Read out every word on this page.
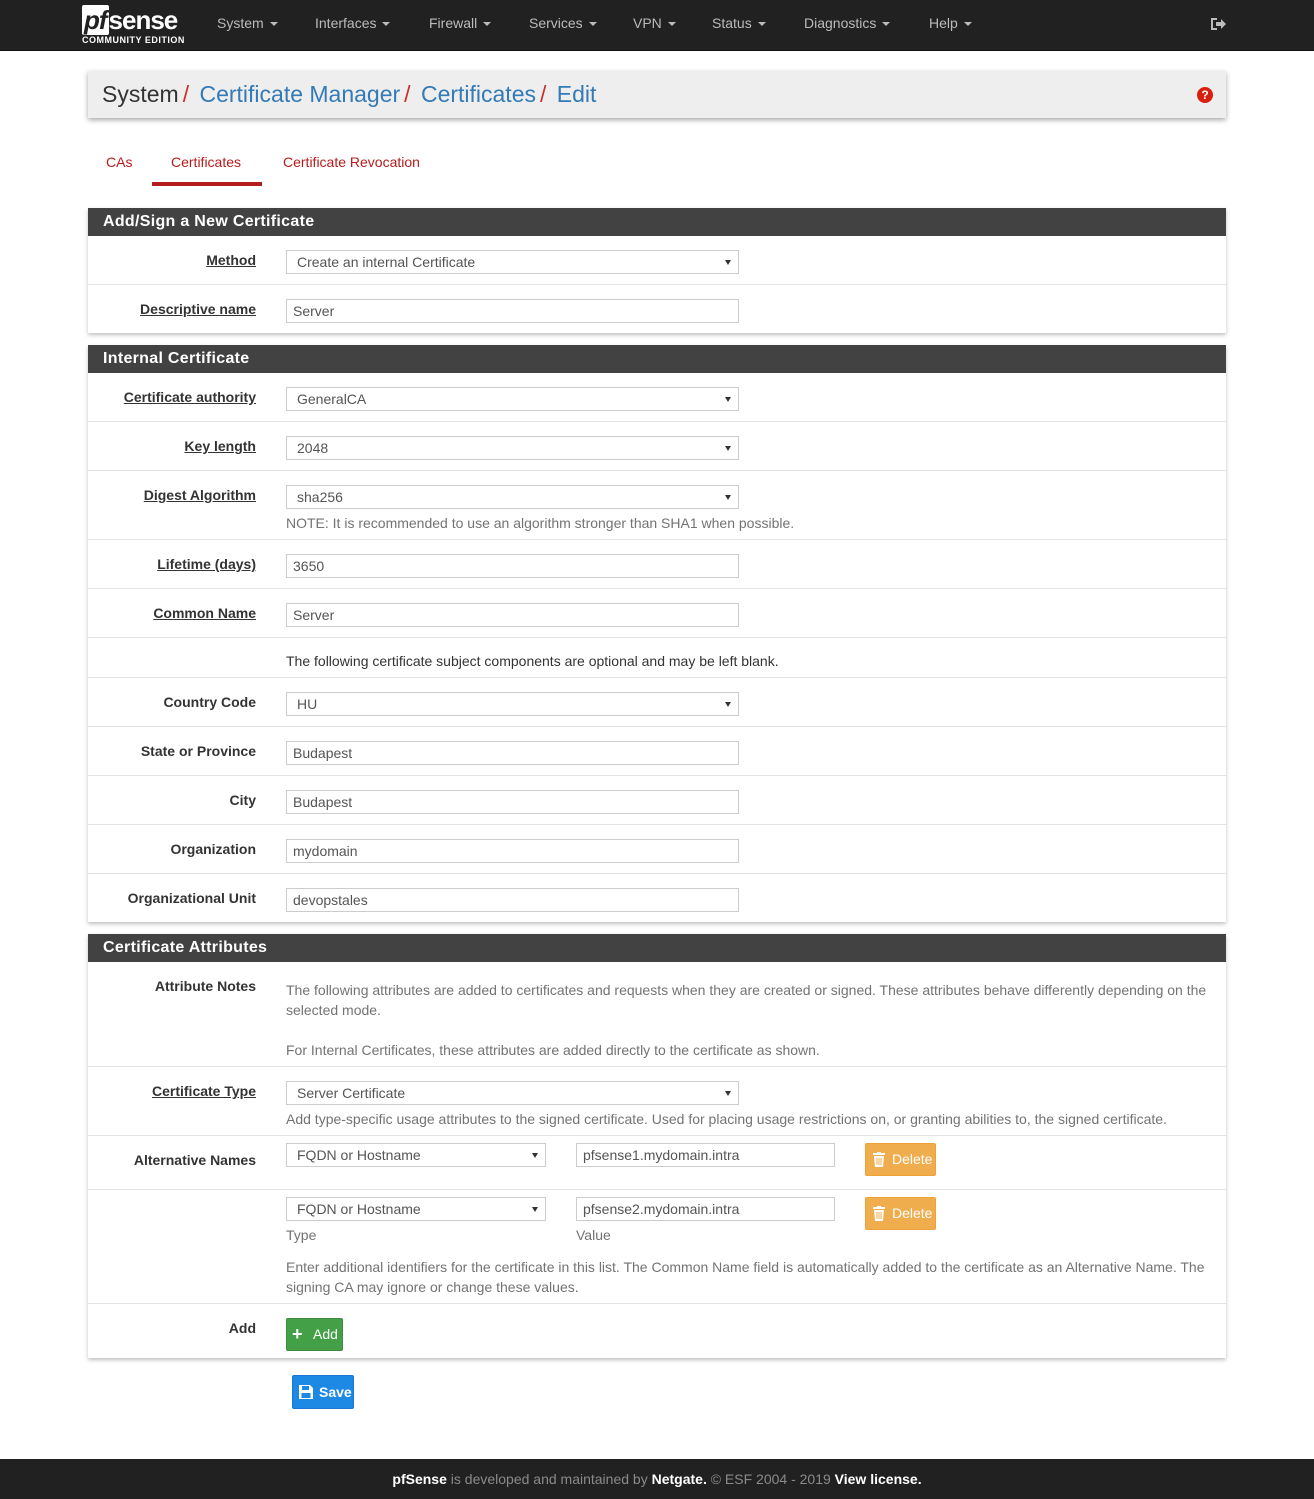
pfsense
COMMUNITY EDITION
System	Interfaces	Firewall	Services	VPN	Status	Diagnostics	Help
System / Certificate Manager / Certificates / Edit	?
CAs	Certificates	Certificate Revocation
Add/Sign a New Certificate
Method	Create an internal Certificate
Descriptive name	Server
Internal Certificate
Certificate authority	GeneralCA
Key length	2048
Digest Algorithm	sha256
NOTE: It is recommended to use an algorithm stronger than SHA1 when possible.
Lifetime (days)	3650
Common Name	Server
The following certificate subject components are optional and may be left blank.
Country Code	HU
State or Province	Budapest
City	Budapest
Organization	mydomain
Organizational Unit	devopstales
Certificate Attributes
Attribute Notes The following attributes are added to certificates and requests when they are created or signed. These attributes behave differently depending on the
selected mode.
For Internal Certificates, these attributes are added directly to the certificate as shown.
Certificate Type	Server Certificate
Add type-specific usage attributes to the signed certificate. Used for placing usage restrictions on, or granting abilities to, the signed certificate.
Alternative Names	FQDN or Hostname	pfsense1.mydomain.intra	Delete
FQDN or Hostname	pfsense2.mydomain.intra	Delete
Type	Value
Enter additional identifiers for the certificate in this list. The Common Name field is automatically added to the certificate as an Alternative Name. The
signing CA may ignore or change these values.
Add + Add
Save
pfSense is developed and maintained by Netgate. © ESF 2004 - 2019 View license.
